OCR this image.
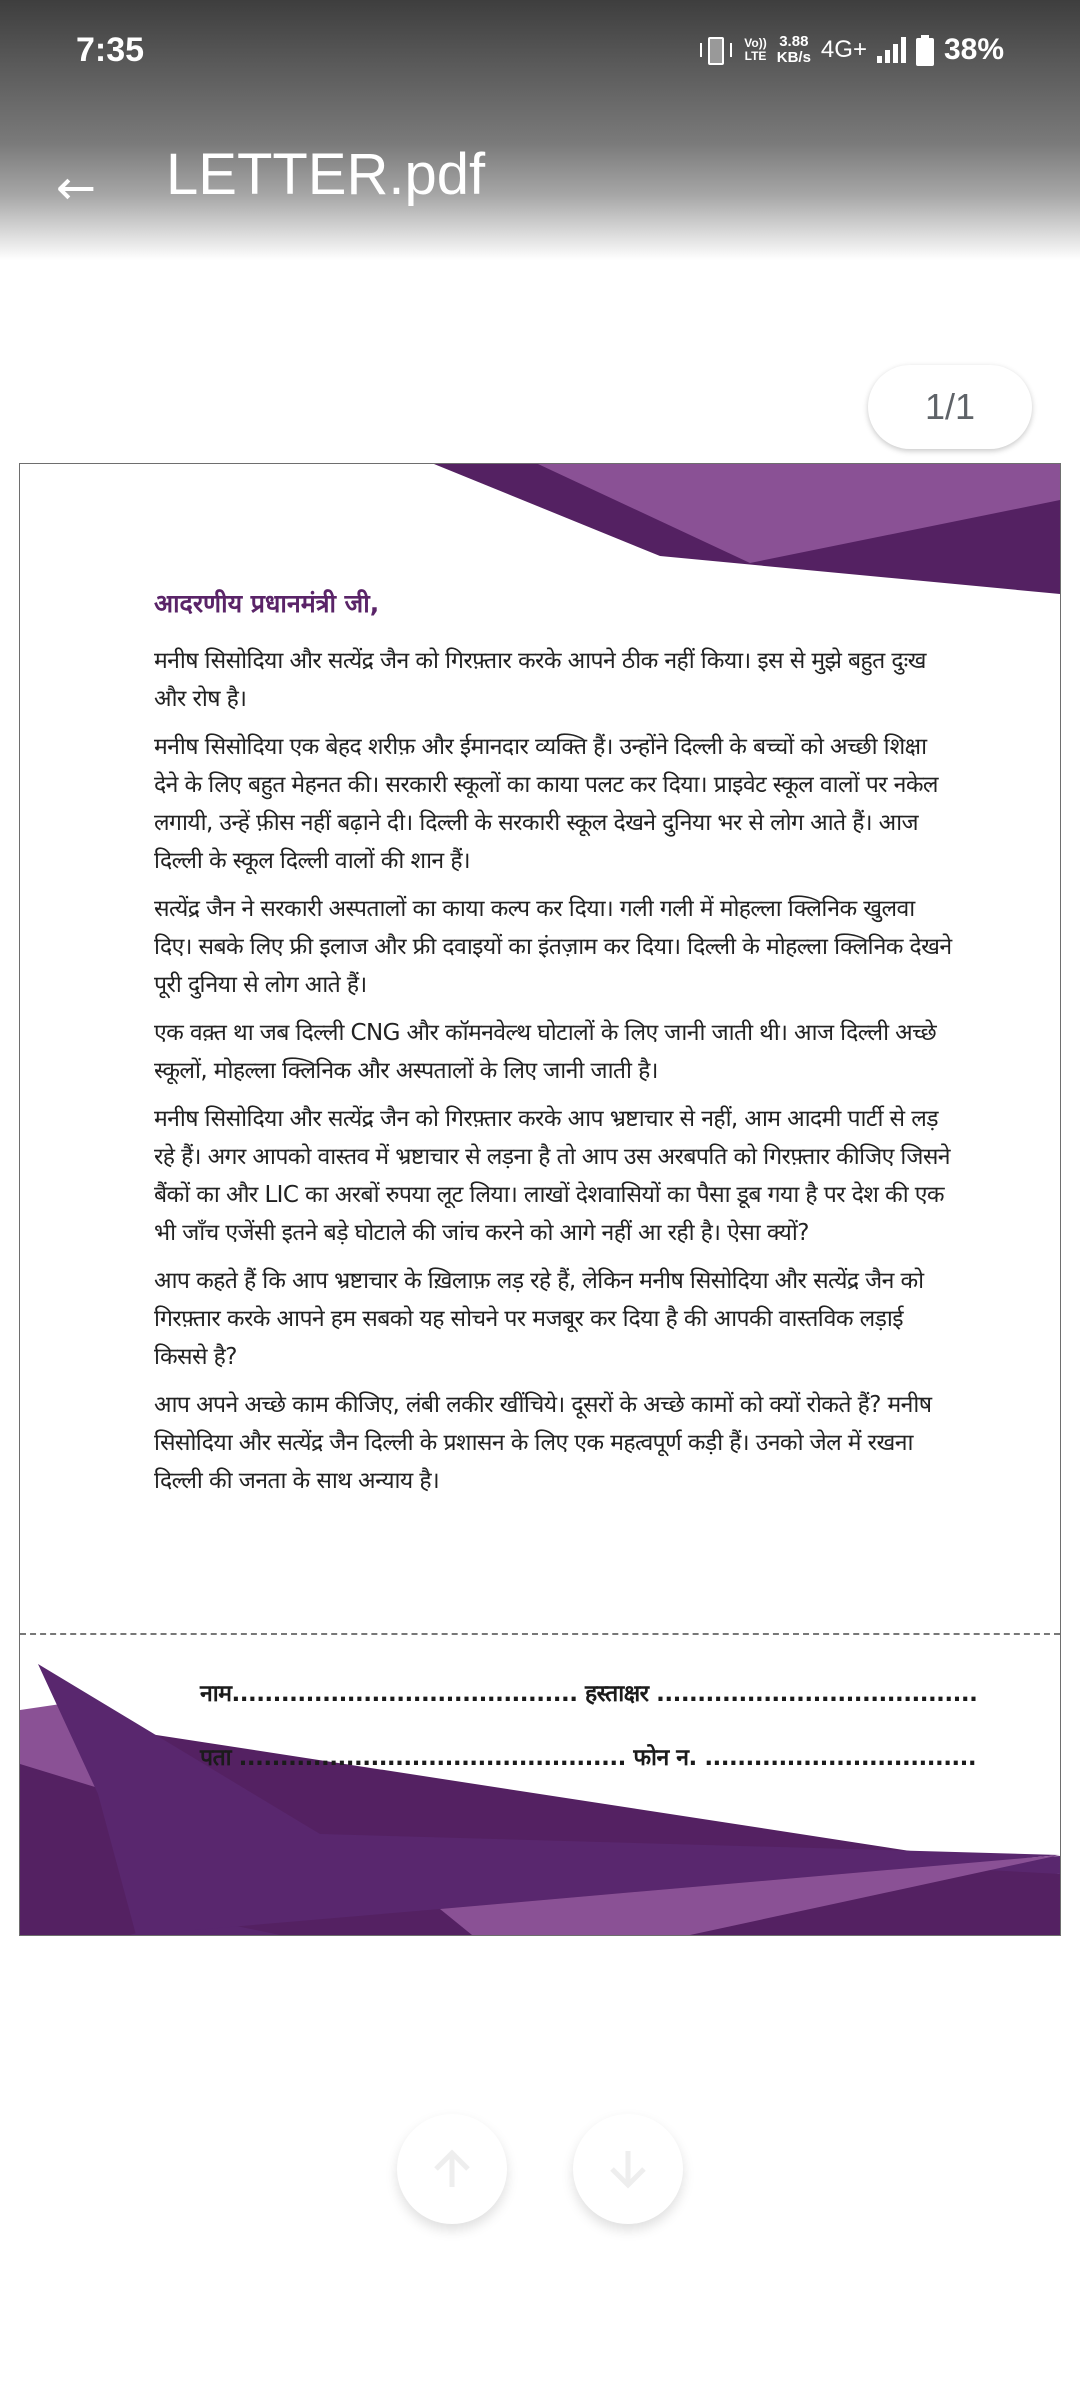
7:35	Vo))
LTE
3.88
KB/s 4G+	38%
← LETTER.pdf
1/1

आदरणीय प्रधानमंत्री जी,

मनीष सिसोदिया और सत्येंद्र जैन को गिरफ़्तार करके आपने ठीक नहीं किया। इस से मुझे बहुत दुःख और रोष है।

मनीष सिसोदिया एक बेहद शरीफ़ और ईमानदार व्यक्ति हैं। उन्होंने दिल्ली के बच्चों को अच्छी शिक्षा देने के लिए बहुत मेहनत की। सरकारी स्कूलों का काया पलट कर दिया। प्राइवेट स्कूल वालों पर नकेल लगायी, उन्हें फ़ीस नहीं बढ़ाने दी। दिल्ली के सरकारी स्कूल देखने दुनिया भर से लोग आते हैं। आज दिल्ली के स्कूल दिल्ली वालों की शान हैं।

सत्येंद्र जैन ने सरकारी अस्पतालों का काया कल्प कर दिया। गली गली में मोहल्ला क्लिनिक खुलवा दिए। सबके लिए फ्री इलाज और फ्री दवाइयों का इंतज़ाम कर दिया। दिल्ली के मोहल्ला क्लिनिक देखने पूरी दुनिया से लोग आते हैं।

एक वक़्त था जब दिल्ली CNG और कॉमनवेल्थ घोटालों के लिए जानी जाती थी। आज दिल्ली अच्छे स्कूलों, मोहल्ला क्लिनिक और अस्पतालों के लिए जानी जाती है।

मनीष सिसोदिया और सत्येंद्र जैन को गिरफ़्तार करके आप भ्रष्टाचार से नहीं, आम आदमी पार्टी से लड़ रहे हैं। अगर आपको वास्तव में भ्रष्टाचार से लड़ना है तो आप उस अरबपति को गिरफ़्तार कीजिए जिसने बैंकों का और LIC का अरबों रुपया लूट लिया। लाखों देशवासियों का पैसा डूब गया है पर देश की एक भी जाँच एजेंसी इतने बड़े घोटाले की जांच करने को आगे नहीं आ रही है। ऐसा क्यों?

आप कहते हैं कि आप भ्रष्टाचार के ख़िलाफ़ लड़ रहे हैं, लेकिन मनीष सिसोदिया और सत्येंद्र जैन को गिरफ़्तार करके आपने हम सबको यह सोचने पर मजबूर कर दिया है की आपकी वास्तविक लड़ाई किससे है?

आप अपने अच्छे काम कीजिए, लंबी लकीर खींचिये। दूसरों के अच्छे कामों को क्यों रोकते हैं? मनीष सिसोदिया और सत्येंद्र जैन दिल्ली के प्रशासन के लिए एक महत्वपूर्ण कड़ी हैं। उनको जेल में रखना दिल्ली की जनता के साथ अन्याय है।

नाम.......................................... हस्ताक्षर .......................................
पता ............................................... फोन न. .................................
